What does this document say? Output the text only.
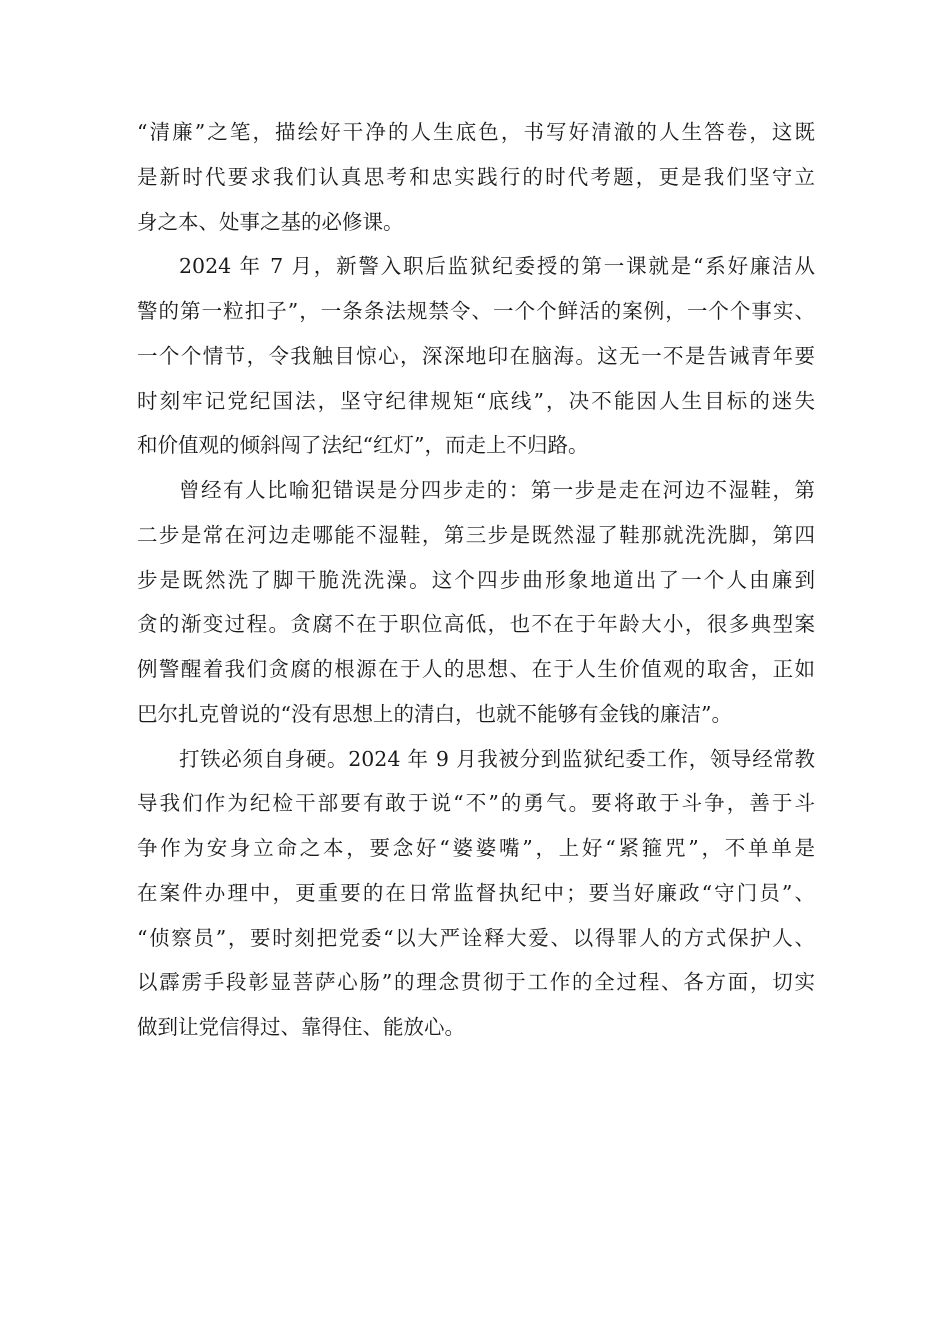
“清廉”之笔，描绘好干净的人生底色，书写好清澈的人生答卷，这既
是新时代要求我们认真思考和忠实践行的时代考题，更是我们坚守立
身之本、处事之基的必修课。
2024 年 7 月，新警入职后监狱纪委授的第一课就是“系好廉洁从
警的第一粒扣子”，一条条法规禁令、一个个鲜活的案例，一个个事实、
一个个情节，令我触目惊心，深深地印在脑海。这无一不是告诫青年要
时刻牢记党纪国法，坚守纪律规矩“底线”，决不能因人生目标的迷失
和价值观的倾斜闯了法纪“红灯”，而走上不归路。
曾经有人比喻犯错误是分四步走的：第一步是走在河边不湿鞋，第
二步是常在河边走哪能不湿鞋，第三步是既然湿了鞋那就洗洗脚，第四
步是既然洗了脚干脆洗洗澡。这个四步曲形象地道出了一个人由廉到
贪的渐变过程。贪腐不在于职位高低，也不在于年龄大小，很多典型案
例警醒着我们贪腐的根源在于人的思想、在于人生价值观的取舍，正如
巴尔扎克曾说的“没有思想上的清白，也就不能够有金钱的廉洁”。
打铁必须自身硬。2024 年 9 月我被分到监狱纪委工作，领导经常教
导我们作为纪检干部要有敢于说“不”的勇气。要将敢于斗争，善于斗
争作为安身立命之本，要念好“婆婆嘴”，上好“紧箍咒”，不单单是
在案件办理中，更重要的在日常监督执纪中；要当好廉政“守门员”、
“侦察员”，要时刻把党委“以大严诠释大爱、以得罪人的方式保护人、
以霹雳手段彰显菩萨心肠”的理念贯彻于工作的全过程、各方面，切实
做到让党信得过、靠得住、能放心。
